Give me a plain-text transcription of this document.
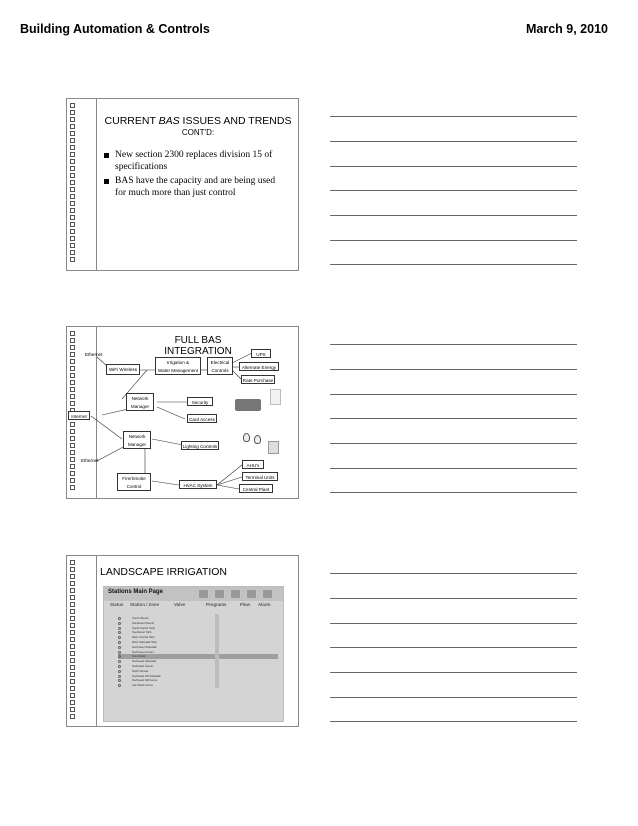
Building Automation & Controls	March 9, 2010
CURRENT BAS ISSUES AND TRENDS
CONT'D:
New section 2300 replaces division 15 of specifications
BAS have the capacity and are being used for much more than just control
FULL BAS
INTEGRATION
Ethernet
WiFi Wireless
Irrigation &
Water Management
Electrical
Controls
UPS
Alternate Energy
Rate Purchase
Network
Manager
Security
Card Access
Internet
Network
Manager	Lighting Controls
Ethernet
AHU's
Terminal Units
Central Plant
Fire/Smoke
Control	HVAC System
LANDSCAPE IRRIGATION
Stations Main Page
Status Station / Zone	Valve	Programs	Flow Alarm
South Woods
Southeast Woods
South Center Strip
Southwest Strip
West Central Strip
West Sidewalk Strip
Northwest Sidewalk
Northwest Center
Front Field
Northeast Sidewalk
Northeast Center
North Woods
Northeast Sill Sidewalk
Northeast Sill Fence
Car Wash Fence
